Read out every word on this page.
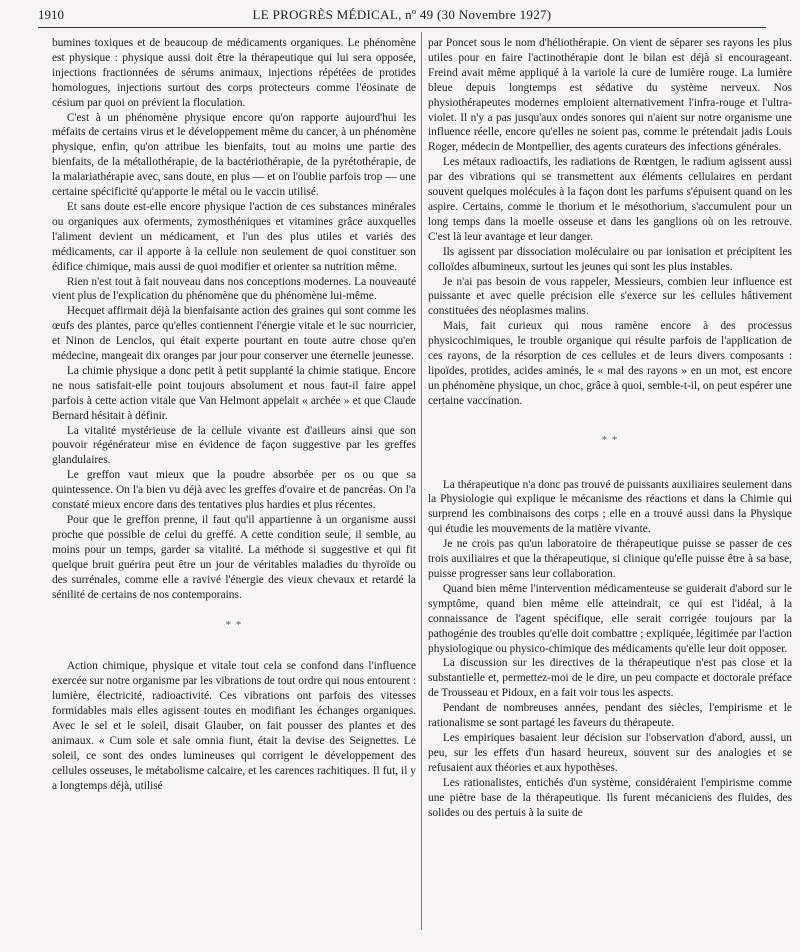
1910	LE PROGRÈS MÉDICAL, nº 49 (30 Novembre 1927)

bumines toxiques et de beaucoup de médicaments organiques. Le phénomène est physique : physique aussi doit être la thérapeutique qui lui sera opposée, injections fractionnées de sérums animaux, injections répétées de protides homologues, injections surtout des corps protecteurs comme l'éosinate de césium par quoi on prévient la floculation.

C'est à un phénomène physique encore qu'on rapporte aujourd'hui les méfaits de certains virus et le développement même du cancer, à un phénomène physique, enfin, qu'on attribue les bienfaits, tout au moins une partie des bienfaits, de la métallothérapie, de la bactériothérapie, de la pyrétothérapie, de la malariathérapie avec, sans doute, en plus — et on l'oublie parfois trop — une certaine spécificité qu'apporte le métal ou le vaccin utilisé.

Et sans doute est-elle encore physique l'action de ces substances minérales ou organiques aux oferments, zymosthéniques et vitamines grâce auxquelles l'aliment devient un médicament, et l'un des plus utiles et variés des médicaments, car il apporte à la cellule non seulement de quoi constituer son édifice chimique, mais aussi de quoi modifier et orienter sa nutrition même.

Rien n'est tout à fait nouveau dans nos conceptions modernes. La nouveauté vient plus de l'explication du phénomène que du phénomène lui-même.

Hecquet affirmait déjà la bienfaisante action des graines qui sont comme les œufs des plantes, parce qu'elles contiennent l'énergie vitale et le suc nourricier, et Ninon de Lenclos, qui était experte pourtant en toute autre chose qu'en médecine, mangeait dix oranges par jour pour conserver une éternelle jeunesse.

La chimie physique a donc petit à petit supplanté la chimie statique. Encore ne nous satisfait-elle point toujours absolument et nous faut-il faire appel parfois à cette action vitale que Van Helmont appelait « archée » et que Claude Bernard hésitait à définir.

La vitalité mystérieuse de la cellule vivante est d'ailleurs ainsi que son pouvoir régénérateur mise en évidence de façon suggestive par les greffes glandulaires.

Le greffon vaut mieux que la poudre absorbée per os ou que sa quintessence. On l'a bien vu déjà avec les greffes d'ovaire et de pancréas. On l'a constaté mieux encore dans des tentatives plus hardies et plus récentes.

Pour que le greffon prenne, il faut qu'il appartienne à un organisme aussi proche que possible de celui du greffé. A cette condition seule, il semble, au moins pour un temps, garder sa vitalité. La méthode si suggestive et qui fit quelque bruit guérira peut être un jour de véritables maladies du thyroïde ou des surrénales, comme elle a ravivé l'énergie des vieux chevaux et retardé la sénilité de certains de nos contemporains.

* *

Action chimique, physique et vitale tout cela se confond dans l'influence exercée sur notre organisme par les vibrations de tout ordre qui nous entourent : lumière, électricité, radioactivité. Ces vibrations ont parfois des vitesses formidables mais elles agissent toutes en modifiant les échanges organiques. Avec le sel et le soleil, disait Glauber, on fait pousser des plantes et des animaux. « Cum sole et sale omnia fiunt, était la devise des Seignettes. Le soleil, ce sont des ondes lumineuses qui corrigent le développement des cellules osseuses, le métabolisme calcaire, et les carences rachitiques. Il fut, il y a longtemps déjà, utilisé

par Poncet sous le nom d'héliothérapie. On vient de séparer ses rayons les plus utiles pour en faire l'actinothérapie dont le bilan est déjà si encourageant. Freind avait même appliqué à la variole la cure de lumière rouge. La lumière bleue depuis longtemps est sédative du système nerveux. Nos physiothérapeutes modernes emploient alternativement l'infra-rouge et l'ultra-violet. Il n'y a pas jusqu'aux ondes sonores qui n'aient sur notre organisme une influence réelle, encore qu'elles ne soient pas, comme le prétendait jadis Louis Roger, médecin de Montpellier, des agents curateurs des infections générales.

Les métaux radioactifs, les radiations de Rœntgen, le radium agissent aussi par des vibrations qui se transmettent aux éléments cellulaires en perdant souvent quelques molécules à la façon dont les parfums s'épuisent quand on les aspire. Certains, comme le thorium et le mésothorium, s'accumulent pour un long temps dans la moelle osseuse et dans les ganglions où on les retrouve. C'est là leur avantage et leur danger.

Ils agissent par dissociation moléculaire ou par ionisation et précipitent les colloïdes albumineux, surtout les jeunes qui sont les plus instables.

Je n'ai pas besoin de vous rappeler, Messieurs, combien leur influence est puissante et avec quelle précision elle s'exerce sur les cellules hâtivement constituées des néoplasmes malins.

Mais, fait curieux qui nous ramène encore à des processus physicochimiques, le trouble organique qui résulte parfois de l'application de ces rayons, de la résorption de ces cellules et de leurs divers composants : lipoïdes, protides, acides aminés, le « mal des rayons » en un mot, est encore un phénomène physique, un choc, grâce à quoi, semble-t-il, on peut espérer une certaine vaccination.

* *

La thérapeutique n'a donc pas trouvé de puissants auxiliaires seulement dans la Physiologie qui explique le mécanisme des réactions et dans la Chimie qui surprend les combinaisons des corps ; elle en a trouvé aussi dans la Physique qui étudie les mouvements de la matière vivante.

Je ne crois pas qu'un laboratoire de thérapeutique puisse se passer de ces trois auxiliaires et que la thérapeutique, si clinique qu'elle puisse être à sa base, puisse progresser sans leur collaboration.

Quand bien même l'intervention médicamenteuse se guiderait d'abord sur le symptôme, quand bien même elle atteindrait, ce qui est l'idéal, à la connaissance de l'agent spécifique, elle serait corrigée toujours par la pathogénie des troubles qu'elle doit combattre ; expliquée, légitimée par l'action physiologique ou physico-chimique des médicaments qu'elle leur doit opposer.

La discussion sur les directives de la thérapeutique n'est pas close et la substantielle et, permettez-moi de le dire, un peu compacte et doctorale préface de Trousseau et Pidoux, en a fait voir tous les aspects.

Pendant de nombreuses années, pendant des siècles, l'empirisme et le rationalisme se sont partagé les faveurs du thérapeute.

Les empiriques basaient leur décision sur l'observation d'abord, aussi, un peu, sur les effets d'un hasard heureux, souvent sur des analogies et se refusaient aux théories et aux hypothèses.

Les rationalistes, entichés d'un système, considéraient l'empirisme comme une piètre base de la thérapeutique. Ils furent mécaniciens des fluides, des solides ou des pertuis à la suite de
